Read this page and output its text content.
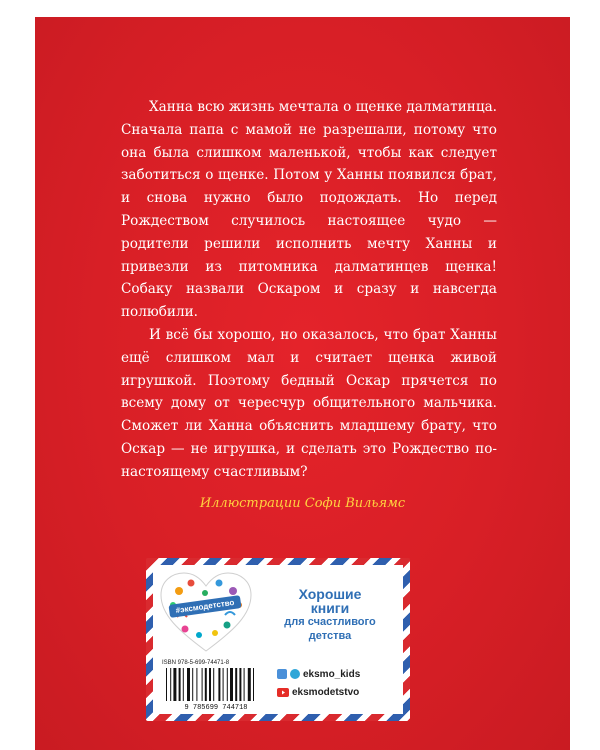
Ханна всю жизнь мечтала о щенке далматинца. Сначала папа с мамой не разрешали, потому что она была слишком маленькой, чтобы как следует заботиться о щенке. Потом у Ханны появился брат, и снова нужно было подождать. Но перед Рождеством случилось настоящее чудо — родители решили исполнить мечту Ханны и привезли из питомника далматинцев щенка! Собаку назвали Оскаром и сразу и навсегда полюбили.

И всё бы хорошо, но оказалось, что брат Ханны ещё слишком мал и считает щенка живой игрушкой. Поэтому бедный Оскар прячется по всему дому от чересчур общительного мальчика. Сможет ли Ханна объяснить младшему брату, что Оскар — не игрушка, и сделать это Рождество по-настоящему счастливым?

Иллюстрации Софи Вильямс
#эксмодетство
Хорошие
книги
для счастливого
детства
ISBN 978-5-699-74471-8
9 785699 744718
eksmo_kids
eksmodetstvo
